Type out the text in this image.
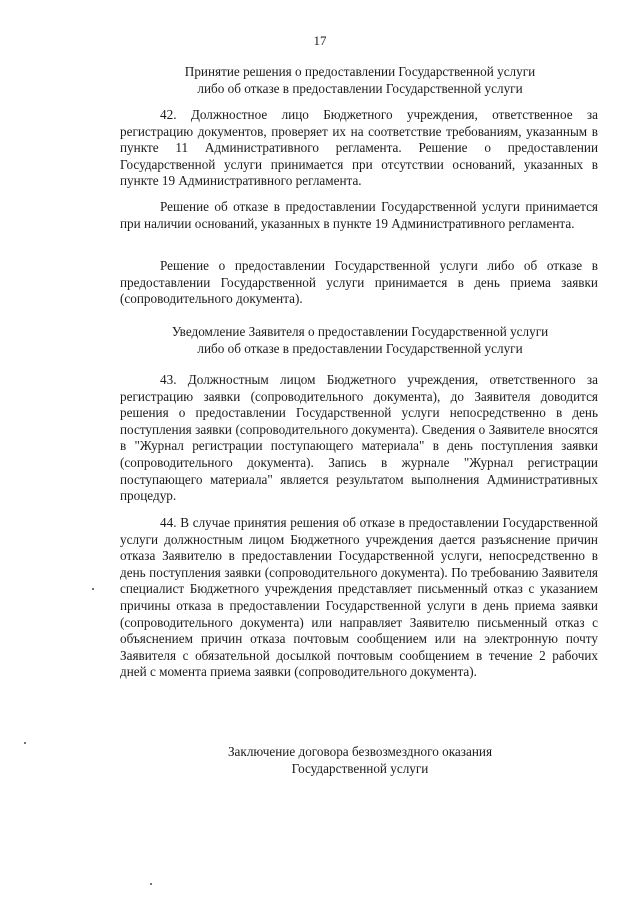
17
Принятие решения о предоставлении Государственной услуги
либо об отказе в предоставлении Государственной услуги

42. Должностное лицо Бюджетного учреждения, ответственное за регистрацию документов, проверяет их на соответствие требованиям, указанным в пункте 11 Административного регламента. Решение о предоставлении Государственной услуги принимается при отсутствии оснований, указанных в пункте 19 Административного регламента.

Решение об отказе в предоставлении Государственной услуги принимается при наличии оснований, указанных в пункте 19 Административного регламента.

Решение о предоставлении Государственной услуги либо об отказе в предоставлении Государственной услуги принимается в день приема заявки (сопроводительного документа).

Уведомление Заявителя о предоставлении Государственной услуги
либо об отказе в предоставлении Государственной услуги

43. Должностным лицом Бюджетного учреждения, ответственного за регистрацию заявки (сопроводительного документа), до Заявителя доводится решения о предоставлении Государственной услуги непосредственно в день поступления заявки (сопроводительного документа). Сведения о Заявителе вносятся в "Журнал регистрации поступающего материала" в день поступления заявки (сопроводительного документа). Запись в журнале "Журнал регистрации поступающего материала" является результатом выполнения Административных процедур.

44. В случае принятия решения об отказе в предоставлении Государственной услуги должностным лицом Бюджетного учреждения дается разъяснение причин отказа Заявителю в предоставлении Государственной услуги, непосредственно в день поступления заявки (сопроводительного документа). По требованию Заявителя специалист Бюджетного учреждения представляет письменный отказ с указанием причины отказа в предоставлении Государственной услуги в день приема заявки (сопроводительного документа) или направляет Заявителю письменный отказ с объяснением причин отказа почтовым сообщением или на электронную почту Заявителя с обязательной досылкой почтовым сообщением в течение 2 рабочих дней с момента приема заявки (сопроводительного документа).

Заключение договора безвозмездного оказания
Государственной услуги
